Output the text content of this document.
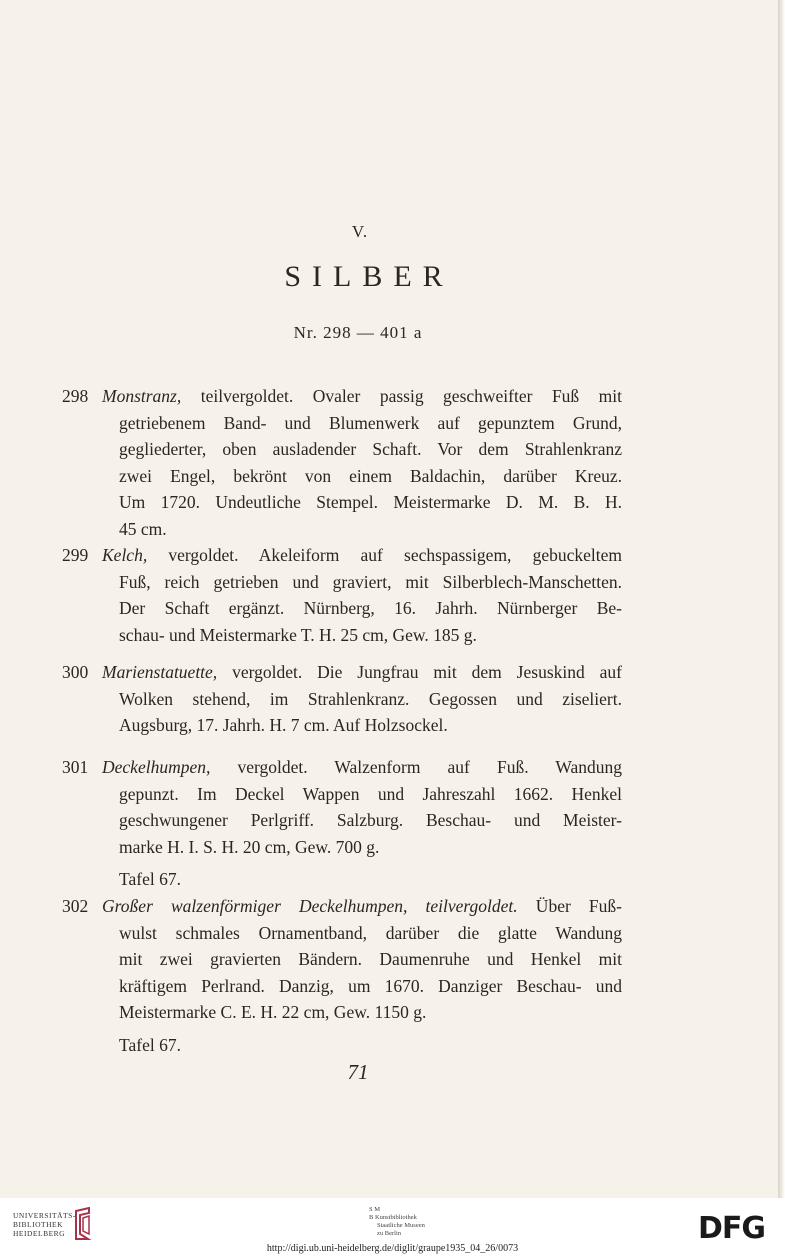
V.
SILBER
Nr. 298 — 401 a
298 Monstranz, teilvergoldet. Ovaler passig geschweifter Fuß mit
getriebenem Band- und Blumenwerk auf gepunztem Grund,
gegliederter, oben ausladender Schaft. Vor dem Strahlenkranz
zwei Engel, bekrönt von einem Baldachin, darüber Kreuz.
Um 1720. Undeutliche Stempel. Meistermarke D. M. B. H.
45 cm.
299 Kelch, vergoldet. Akeleiform auf sechspassigem, gebuckeltem
Fuß, reich getrieben und graviert, mit Silberblech-Manschetten.
Der Schaft ergänzt. Nürnberg, 16. Jahrh. Nürnberger Be-
schau- und Meistermarke T. H. 25 cm, Gew. 185 g.
300 Marienstatuette, vergoldet. Die Jungfrau mit dem Jesuskind auf
Wolken stehend, im Strahlenkranz. Gegossen und ziseliert.
Augsburg, 17. Jahrh. H. 7 cm. Auf Holzsockel.
301 Deckelhumpen, vergoldet. Walzenform auf Fuß. Wandung
gepunzt. Im Deckel Wappen und Jahreszahl 1662. Henkel
geschwungener Perlgriff. Salzburg. Beschau- und Meister-
marke H. I. S. H. 20 cm, Gew. 700 g.
Tafel 67.
302 Großer walzenförmiger Deckelhumpen, teilvergoldet. Über Fuß-
wulst schmales Ornamentband, darüber die glatte Wandung
mit zwei gravierten Bändern. Daumenruhe und Henkel mit
kräftigem Perlrand. Danzig, um 1670. Danziger Beschau- und
Meistermarke C. E. H. 22 cm, Gew. 1150 g.
Tafel 67.
71
UNIVERSITÄTS-
BIBLIOTHEK
HEIDELBERG
S M
B Kunstbibliothek
Staatliche Museen
zu Berlin	DFG
http://digi.ub.uni-heidelberg.de/diglit/graupe1935_04_26/0073
